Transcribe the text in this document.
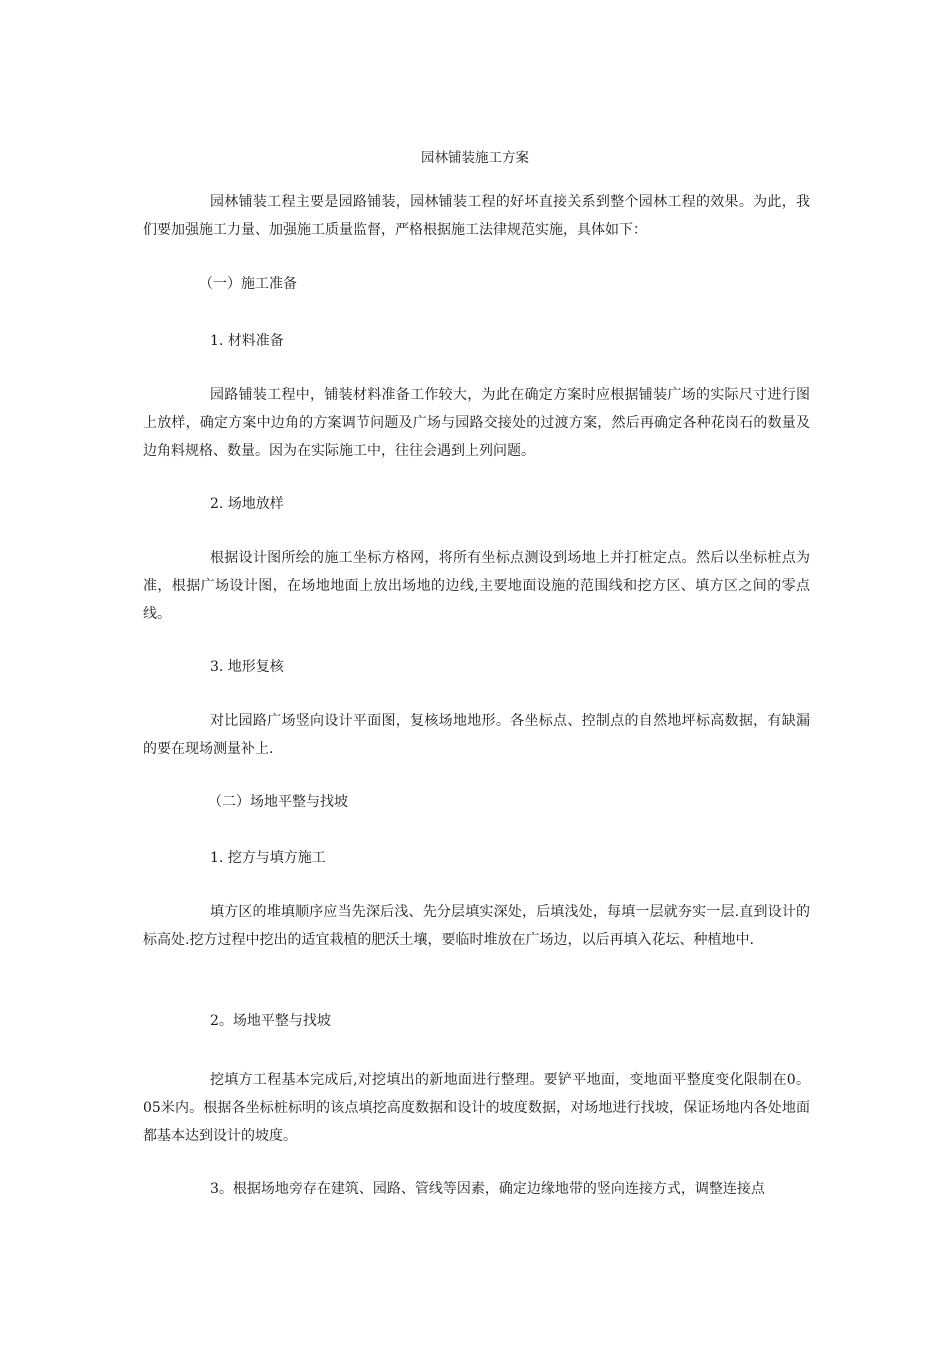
园林铺装施工方案

园林铺装工程主要是园路铺装，园林铺装工程的好坏直接关系到整个园林工程的效果。为此，我们要加强施工力量、加强施工质量监督，严格根据施工法律规范实施，具体如下：

（一）施工准备

1. 材料准备

园路铺装工程中，铺装材料准备工作较大，为此在确定方案时应根据铺装广场的实际尺寸进行图上放样，确定方案中边角的方案调节问题及广场与园路交接处的过渡方案，然后再确定各种花岗石的数量及边角料规格、数量。因为在实际施工中，往往会遇到上列问题。

2. 场地放样

根据设计图所绘的施工坐标方格网，将所有坐标点测设到场地上并打桩定点。然后以坐标桩点为准，根据广场设计图，在场地地面上放出场地的边线,主要地面设施的范围线和挖方区、填方区之间的零点线。

3. 地形复核

对比园路广场竖向设计平面图，复核场地地形。各坐标点、控制点的自然地坪标高数据，有缺漏的要在现场测量补上.

（二）场地平整与找坡

1. 挖方与填方施工

填方区的堆填顺序应当先深后浅、先分层填实深处，后填浅处，每填一层就夯实一层.直到设计的标高处.挖方过程中挖出的适宜栽植的肥沃土壤，要临时堆放在广场边，以后再填入花坛、种植地中.

2。场地平整与找坡

挖填方工程基本完成后,对挖填出的新地面进行整理。要铲平地面，变地面平整度变化限制在0。05米内。根据各坐标桩标明的该点填挖高度数据和设计的坡度数据，对场地进行找坡，保证场地内各处地面都基本达到设计的坡度。

3。根据场地旁存在建筑、园路、管线等因素，确定边缘地带的竖向连接方式，调整连接点
